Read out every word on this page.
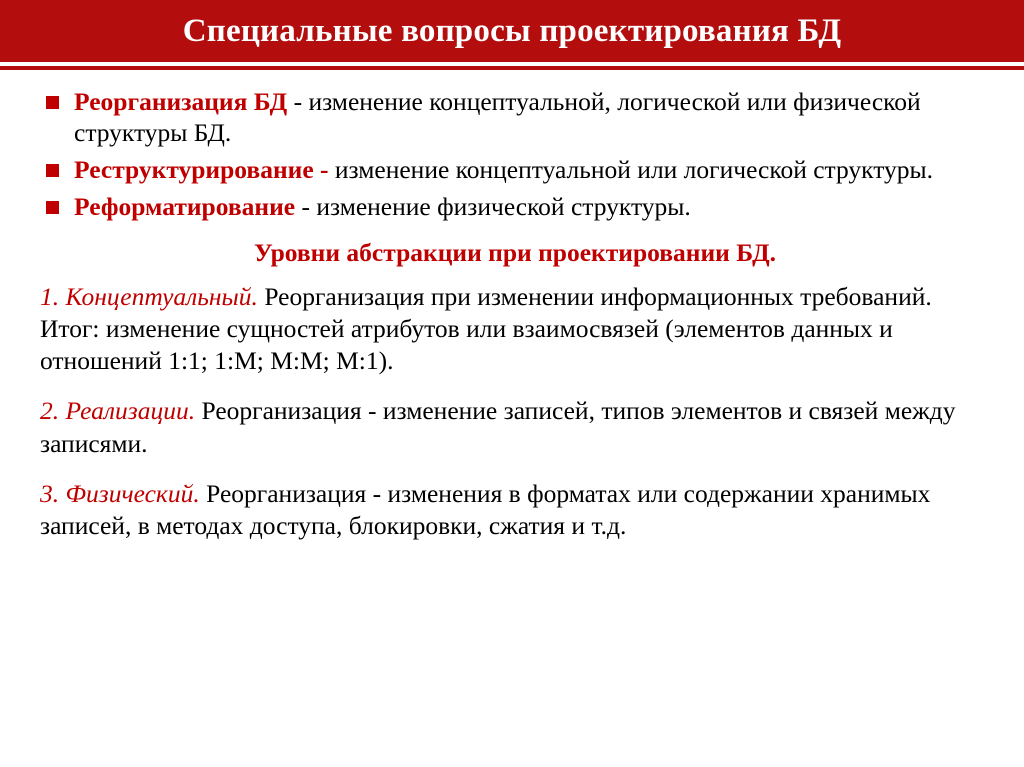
Специальные вопросы проектирования БД
Реорганизация БД - изменение концептуальной, логической или физической структуры БД.
Реструктурирование - изменение концептуальной или логической структуры.
Реформатирование - изменение физической структуры.
Уровни абстракции при проектировании БД.

1. Концептуальный. Реорганизация при изменении информационных требований. Итог: изменение сущностей атрибутов или взаимосвязей (элементов данных и отношений 1:1; 1:М; М:М; М:1).

2. Реализации. Реорганизация - изменение записей, типов элементов и связей между записями.

3. Физический. Реорганизация - изменения в форматах или содержании хранимых записей, в методах доступа, блокировки, сжатия и т.д.
